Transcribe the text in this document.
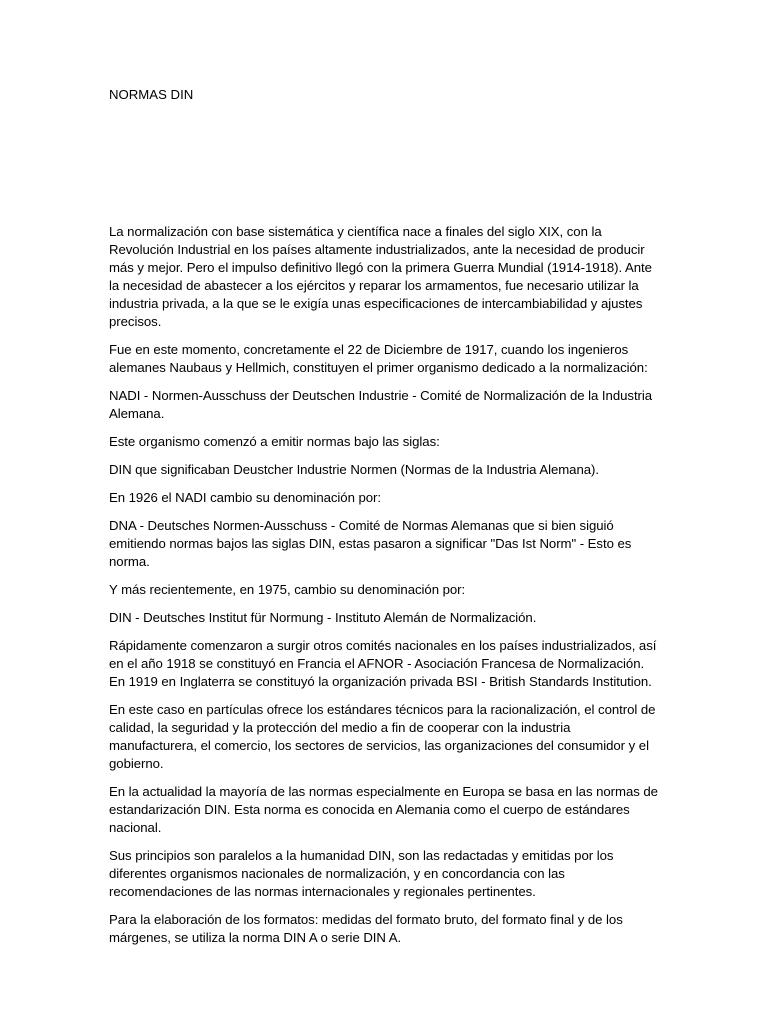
NORMAS DIN

La normalización con base sistemática y científica nace a finales del siglo XIX, con la Revolución Industrial en los países altamente industrializados, ante la necesidad de producir más y mejor. Pero el impulso definitivo llegó con la primera Guerra Mundial (1914-1918). Ante la necesidad de abastecer a los ejércitos y reparar los armamentos, fue necesario utilizar la industria privada, a la que se le exigía unas especificaciones de intercambiabilidad y ajustes precisos.

Fue en este momento, concretamente el 22 de Diciembre de 1917, cuando los ingenieros alemanes Naubaus y Hellmich, constituyen el primer organismo dedicado a la normalización:

NADI - Normen-Ausschuss der Deutschen Industrie - Comité de Normalización de la Industria Alemana.

Este organismo comenzó a emitir normas bajo las siglas:

DIN que significaban Deustcher Industrie Normen (Normas de la Industria Alemana).

En 1926 el NADI cambio su denominación por:

DNA - Deutsches Normen-Ausschuss - Comité de Normas Alemanas que si bien siguió emitiendo normas bajos las siglas DIN, estas pasaron a significar "Das Ist Norm" - Esto es norma.

Y más recientemente, en 1975, cambio su denominación por:

DIN - Deutsches Institut für Normung - Instituto Alemán de Normalización.

Rápidamente comenzaron a surgir otros comités nacionales en los países industrializados, así en el año 1918 se constituyó en Francia el AFNOR - Asociación Francesa de Normalización. En 1919 en Inglaterra se constituyó la organización privada BSI - British Standards Institution.

En este caso en partículas ofrece los estándares técnicos para la racionalización, el control de calidad, la seguridad y la protección del medio a fin de cooperar con la industria manufacturera, el comercio, los sectores de servicios, las organizaciones del consumidor y el gobierno.

En la actualidad la mayoría de las normas especialmente en Europa se basa en las normas de estandarización DIN. Esta norma es conocida en Alemania como el cuerpo de estándares nacional.

Sus principios son paralelos a la humanidad DIN, son las redactadas y emitidas por los diferentes organismos nacionales de normalización, y en concordancia con las recomendaciones de las normas internacionales y regionales pertinentes.

Para la elaboración de los formatos: medidas del formato bruto, del formato final y de los márgenes, se utiliza la norma DIN A o serie DIN A.
